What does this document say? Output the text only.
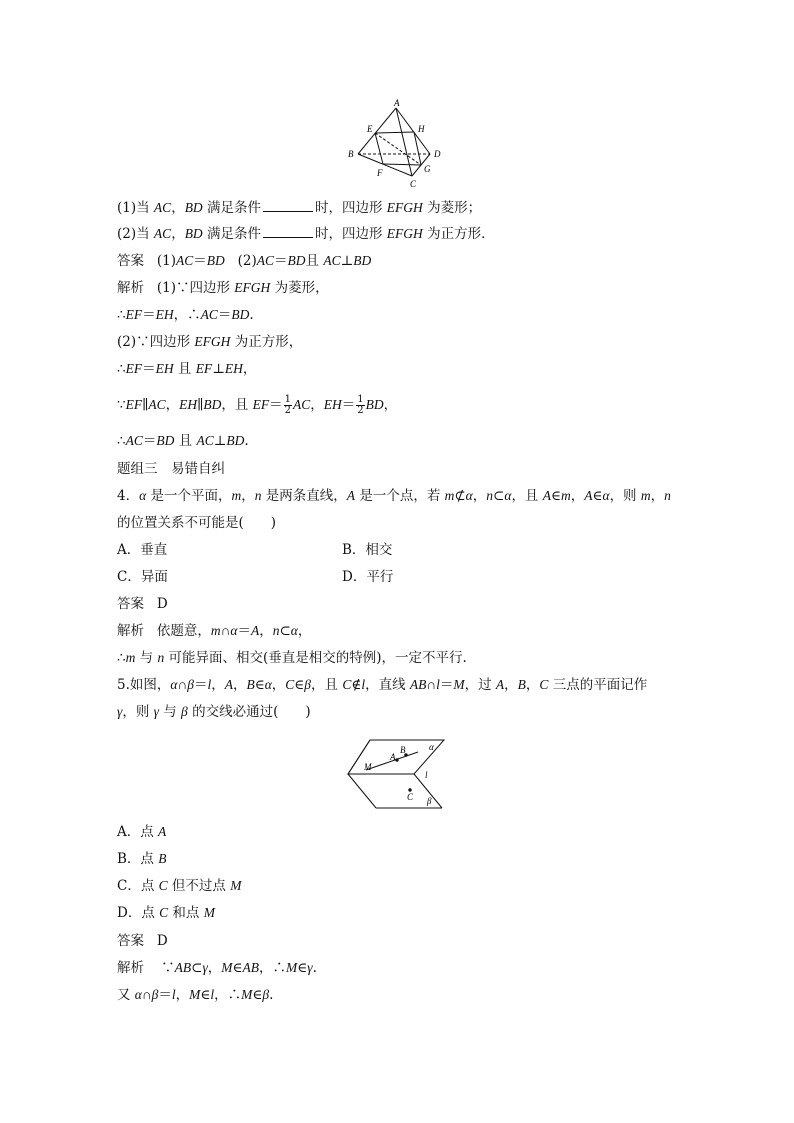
A
E	H
B	D
F	G
C
(1)当 AC，BD 满足条件	时，四边形 EFGH 为菱形；
(2)当 AC，BD 满足条件	时，四边形 EFGH 为正方形．
答案 (1)AC＝BD   (2)AC＝BD且 AC⊥BD
解析 (1)∵四边形 EFGH 为菱形，
∴EF＝EH，∴AC＝BD.
(2)∵四边形 EFGH 为正方形，
∴EF＝EH 且 EF⊥EH，
∵EF∥AC，EH∥BD，且 $EF= \frac{1}{2}$ AC，$EH= \frac{1}{2}$ BD，
∴AC＝BD 且 AC⊥BD.
题组三　易错自纠
4．α 是一个平面，m，n 是两条直线，A 是一个点，若 m⊄α，n⊂α，且 A∈m，A∈α，则 m，n
的位置关系不可能是(　　)
A．垂直	B．相交
C．异面	D．平行
答案 D
解析 依题意，m∩α＝A，n⊂α，
∴m 与 n 可能异面、相交(垂直是相交的特例)，一定不平行.
5.如图，α∩β＝l，A，B∈α，C∈β，且 C∉l，直线 AB∩l＝M，过 A，B，C 三点的平面记作
γ，则 γ 与 β 的交线必通过(　　)
M
A
B	α
l
C β
A．点 A
B．点 B
C．点 C 但不过点 M
D．点 C 和点 M
答案 D
解析 ∵AB⊂γ，M∈AB，∴M∈γ.
又 α∩β＝l，M∈l，∴M∈β.
